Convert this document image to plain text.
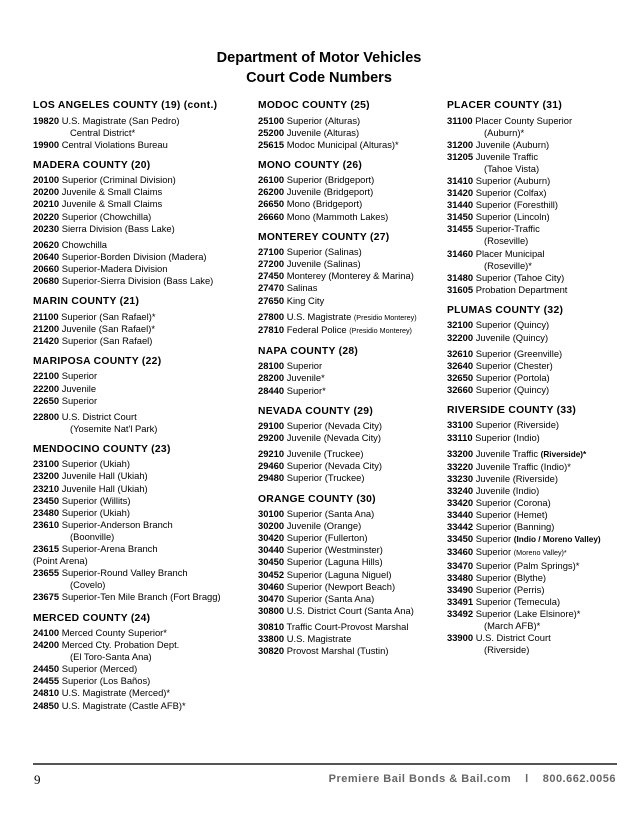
Department of Motor Vehicles
Court Code Numbers
LOS ANGELES COUNTY (19) (cont.)
19820 U.S. Magistrate (San Pedro)
Central District*
19900 Central Violations Bureau
MADERA COUNTY (20)
20100 Superior (Criminal Division)
20200 Juvenile & Small Claims
20210 Juvenile & Small Claims
20220 Superior (Chowchilla)
20230 Sierra Division (Bass Lake)
20620 Chowchilla
20640 Superior-Borden Division (Madera)
20660 Superior-Madera Division
20680 Superior-Sierra Division (Bass Lake)
MARIN COUNTY (21)
21100 Superior (San Rafael)*
21200 Juvenile (San Rafael)*
21420 Superior (San Rafael)
MARIPOSA COUNTY (22)
22100 Superior
22200 Juvenile
22650 Superior
22800 U.S. District Court
(Yosemite Nat'l Park)
MENDOCINO COUNTY (23)
23100 Superior (Ukiah)
23200 Juvenile Hall (Ukiah)
23210 Juvenile Hall (Ukiah)
23450 Superior (Willits)
23480 Superior (Ukiah)
23610 Superior-Anderson Branch
(Boonville)
23615 Superior-Arena Branch
(Point Arena)
23655 Superior-Round Valley Branch
(Covelo)
23675 Superior-Ten Mile Branch (Fort Bragg)
MERCED COUNTY (24)
24100 Merced County Superior*
24200 Merced Cty. Probation Dept.
(El Toro-Santa Ana)
24450 Superior (Merced)
24455 Superior (Los Baños)
24810 U.S. Magistrate (Merced)*
24850 U.S. Magistrate (Castle AFB)*
MODOC COUNTY (25)
25100 Superior (Alturas)
25200 Juvenile (Alturas)
25615 Modoc Municipal (Alturas)*
MONO COUNTY (26)
26100 Superior (Bridgeport)
26200 Juvenile (Bridgeport)
26650 Mono (Bridgeport)
26660 Mono (Mammoth Lakes)
MONTEREY COUNTY (27)
27100 Superior (Salinas)
27200 Juvenile (Salinas)
27450 Monterey (Monterey & Marina)
27470 Salinas
27650 King City
27800 U.S. Magistrate (Presidio Monterey)
27810 Federal Police (Presidio Monterey)
NAPA COUNTY (28)
28100 Superior
28200 Juvenile*
28440 Superior*
NEVADA COUNTY (29)
29100 Superior (Nevada City)
29200 Juvenile (Nevada City)
29210 Juvenile (Truckee)
29460 Superior (Nevada City)
29480 Superior (Truckee)
ORANGE COUNTY (30)
30100 Superior (Santa Ana)
30200 Juvenile (Orange)
30420 Superior (Fullerton)
30440 Superior (Westminster)
30450 Superior (Laguna Hills)
30452 Superior (Laguna Niguel)
30460 Superior (Newport Beach)
30470 Superior (Santa Ana)
30800 U.S. District Court (Santa Ana)
30810 Traffic Court-Provost Marshal
33800 U.S. Magistrate
30820 Provost Marshal (Tustin)
PLACER COUNTY (31)
31100 Placer County Superior
(Auburn)*
31200 Juvenile (Auburn)
31205 Juvenile Traffic
(Tahoe Vista)
31410 Superior (Auburn)
31420 Superior (Colfax)
31440 Superior (Foresthill)
31450 Superior (Lincoln)
31455 Superior-Traffic
(Roseville)
31460 Placer Municipal
(Roseville)*
31480 Superior (Tahoe City)
31605 Probation Department
PLUMAS COUNTY (32)
32100 Superior (Quincy)
32200 Juvenile (Quincy)
32610 Superior (Greenville)
32640 Superior (Chester)
32650 Superior (Portola)
32660 Superior (Quincy)
RIVERSIDE COUNTY (33)
33100 Superior (Riverside)
33110 Superior (Indio)
33200 Juvenile Traffic (Riverside)*
33220 Juvenile Traffic (Indio)*
33230 Juvenile (Riverside)
33240 Juvenile (Indio)
33420 Superior (Corona)
33440 Superior (Hemet)
33442 Superior (Banning)
33450 Superior (Indio / Moreno Valley)
33460 Superior (Moreno Valley)*
33470 Superior (Palm Springs)*
33480 Superior (Blythe)
33490 Superior (Perris)
33491 Superior (Temecula)
33492 Superior (Lake Elsinore)*
(March AFB)*
33900 U.S. District Court
(Riverside)
9	Premiere Bail Bonds & Bail.com l 800.662.0056
